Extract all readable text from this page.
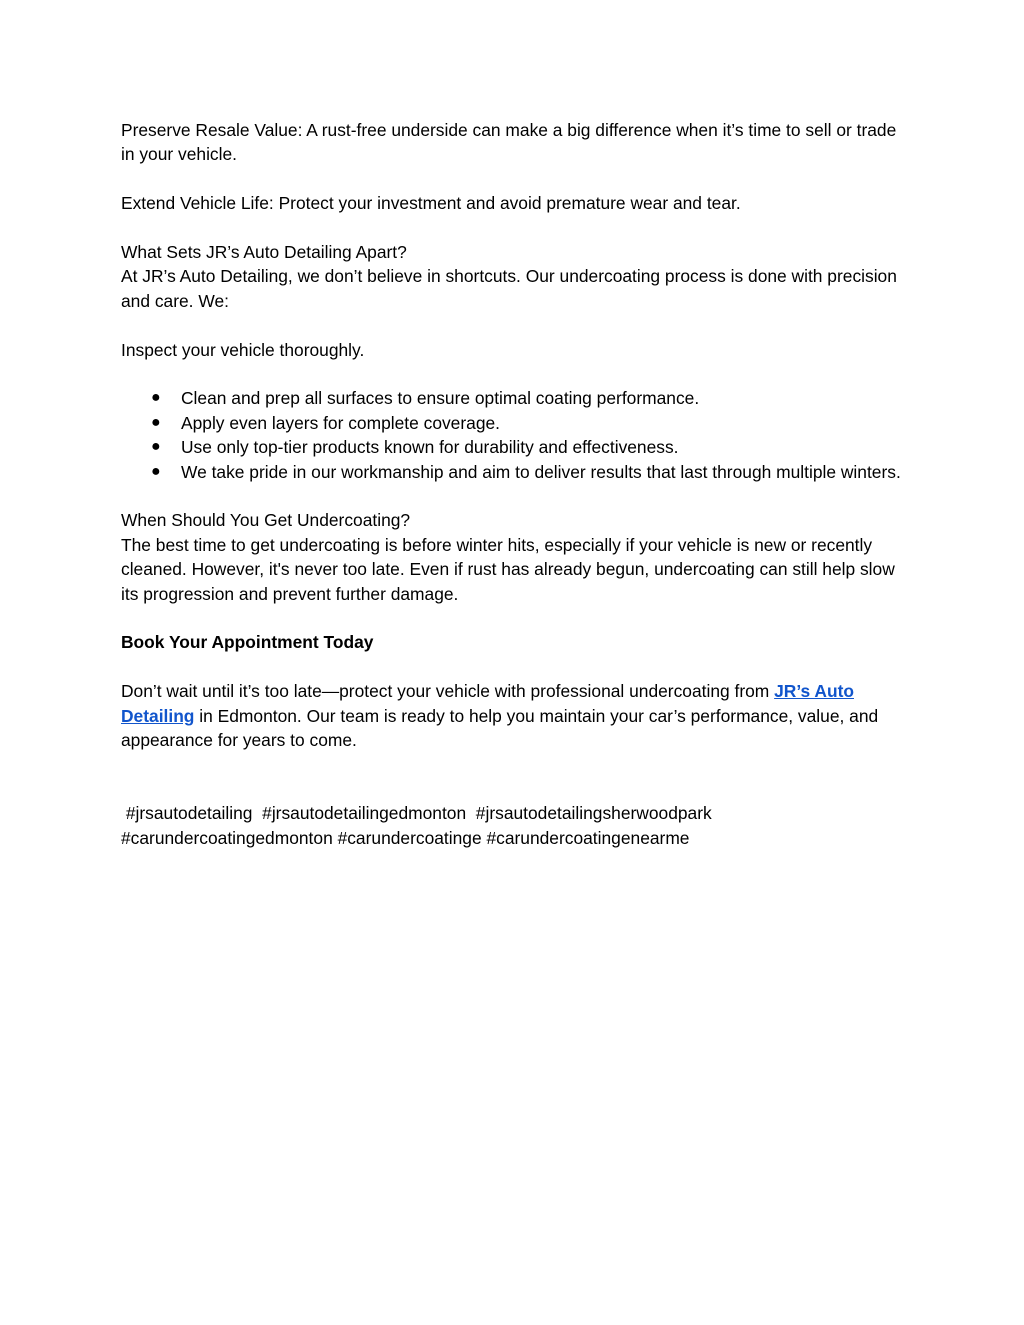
Preserve Resale Value: A rust-free underside can make a big difference when it’s time to sell or trade in your vehicle.

Extend Vehicle Life: Protect your investment and avoid premature wear and tear.

What Sets JR’s Auto Detailing Apart?

At JR’s Auto Detailing, we don’t believe in shortcuts. Our undercoating process is done with precision and care. We:

Inspect your vehicle thoroughly.

● Clean and prep all surfaces to ensure optimal coating performance.
● Apply even layers for complete coverage.
● Use only top-tier products known for durability and effectiveness.
● We take pride in our workmanship and aim to deliver results that last through multiple winters.

When Should You Get Undercoating?

The best time to get undercoating is before winter hits, especially if your vehicle is new or recently cleaned. However, it's never too late. Even if rust has already begun, undercoating can still help slow its progression and prevent further damage.

Book Your Appointment Today

Don’t wait until it’s too late—protect your vehicle with professional undercoating from JR’s Auto Detailing in Edmonton. Our team is ready to help you maintain your car’s performance, value, and appearance for years to come.

#jrsautodetailing  #jrsautodetailingedmonton  #jrsautodetailingsherwoodpark

#carundercoatingedmonton #carundercoatinge #carundercoatingenearme
